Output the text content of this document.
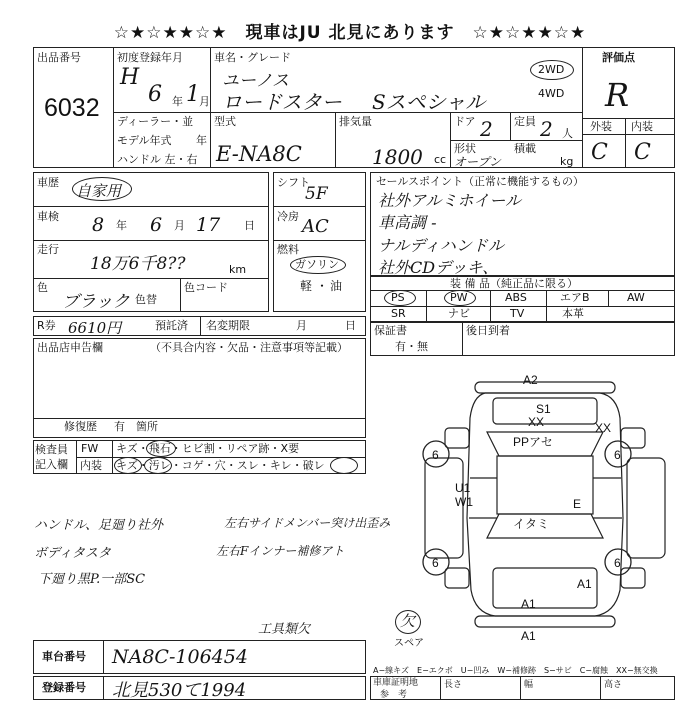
☆★☆★★☆★　現車はJU 北見にあります　☆★☆★★☆★
出品番号
6032
初度登録年月
H
6 年 1 月
ディーラー・並
モデル年式 年
ハンドル 左・右
車名・グレード
ユーノス
ロードスター Sスペシャル
2WD
4WD
型式
E-NA8C
排気量
1800 cc
ドア 2 定員 2 人
形状
オープン
積載
kg
評価点
R
外装 内装
C C
車歴 自家用
車検 8 年 6 月 17 日
走行
18万6千8??	km
色
ブラック 色替
色コード
シフト
5F
冷房 AC
燃料
ガソリン
軽 ・ 油
セールスポイント（正常に機能するもの）
社外アルミホイール
車高調 -
ナルディハンドル
社外CDデッキ、
装 備 品（純正品に限る）
PS	PW	ABS	エアB	AW
SR	ナビ	TV	本革
R券 6610円	預託済 名変期限	月	日 保証書
有・無
後日到着
出品店申告欄	（不具合内容・欠品・注意事項等記載）
修復歴 有　箇所
検査員
記入欄
FW キズ・飛石・ヒビ割・リペア跡・X要
内装 キズ・汚レ・コゲ・穴・スレ・キレ・破レ
ハンドル、足廻り社外	左右サイドメンバー突け出歪み
ボディタスタ	左右Fインナー補修アト
下廻り黒P.一部SC
工具類欠
A2
S1
XX
PPアセ
XX
6	6
6	6
U1
W1	E
イタミ
A1
A1
A1
欠
スペア
A−線キズ　E−エクボ　U−凹み　W−補修跡　S−サビ　C−腐蝕　XX−無交換
車台番号 NA8C-106454
登録番号 北見530て1994	車庫証明地
参　考
長さ	幅	高さ
